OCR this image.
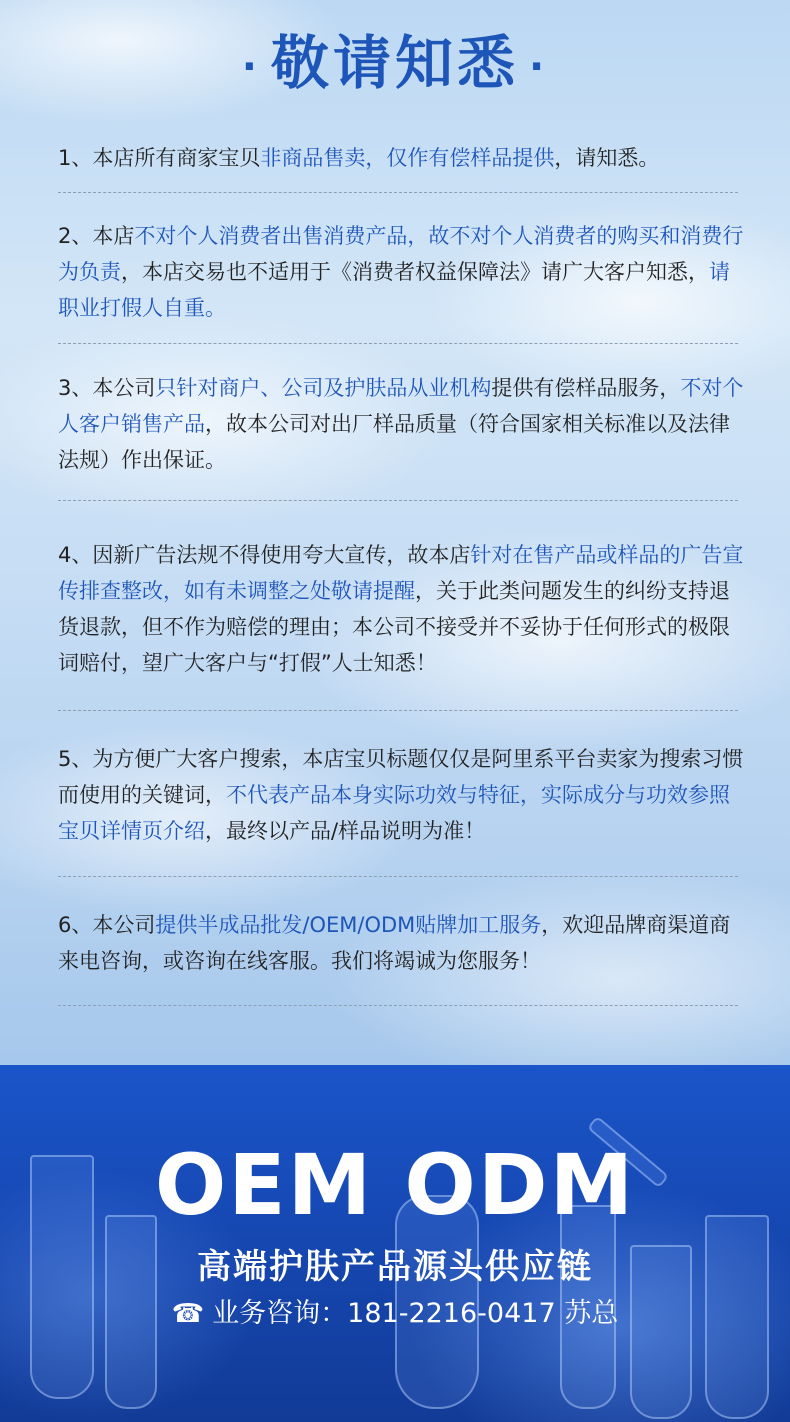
· 敬请知悉 ·
1、本店所有商家宝贝非商品售卖，仅作有偿样品提供，请知悉。
2、本店不对个人消费者出售消费产品，故不对个人消费者的购买和消费行为负责，本店交易也不适用于《消费者权益保障法》请广大客户知悉，请职业打假人自重。
3、本公司只针对商户、公司及护肤品从业机构提供有偿样品服务，不对个人客户销售产品，故本公司对出厂样品质量（符合国家相关标准以及法律法规）作出保证。
4、因新广告法规不得使用夸大宣传，故本店针对在售产品或样品的广告宣传排查整改，如有未调整之处敬请提醒，关于此类问题发生的纠纷支持退货退款，但不作为赔偿的理由；本公司不接受并不妥协于任何形式的极限词赔付，望广大客户与“打假”人士知悉！
5、为方便广大客户搜索，本店宝贝标题仅仅是阿里系平台卖家为搜索习惯而使用的关键词，不代表产品本身实际功效与特征，实际成分与功效参照宝贝详情页介绍，最终以产品/样品说明为准！
6、本公司提供半成品批发/OEM/ODM贴牌加工服务，欢迎品牌商渠道商来电咨询，或咨询在线客服。我们将竭诚为您服务！
OEM ODM
高端护肤产品源头供应链
☎ 业务咨询：181-2216-0417 苏总
